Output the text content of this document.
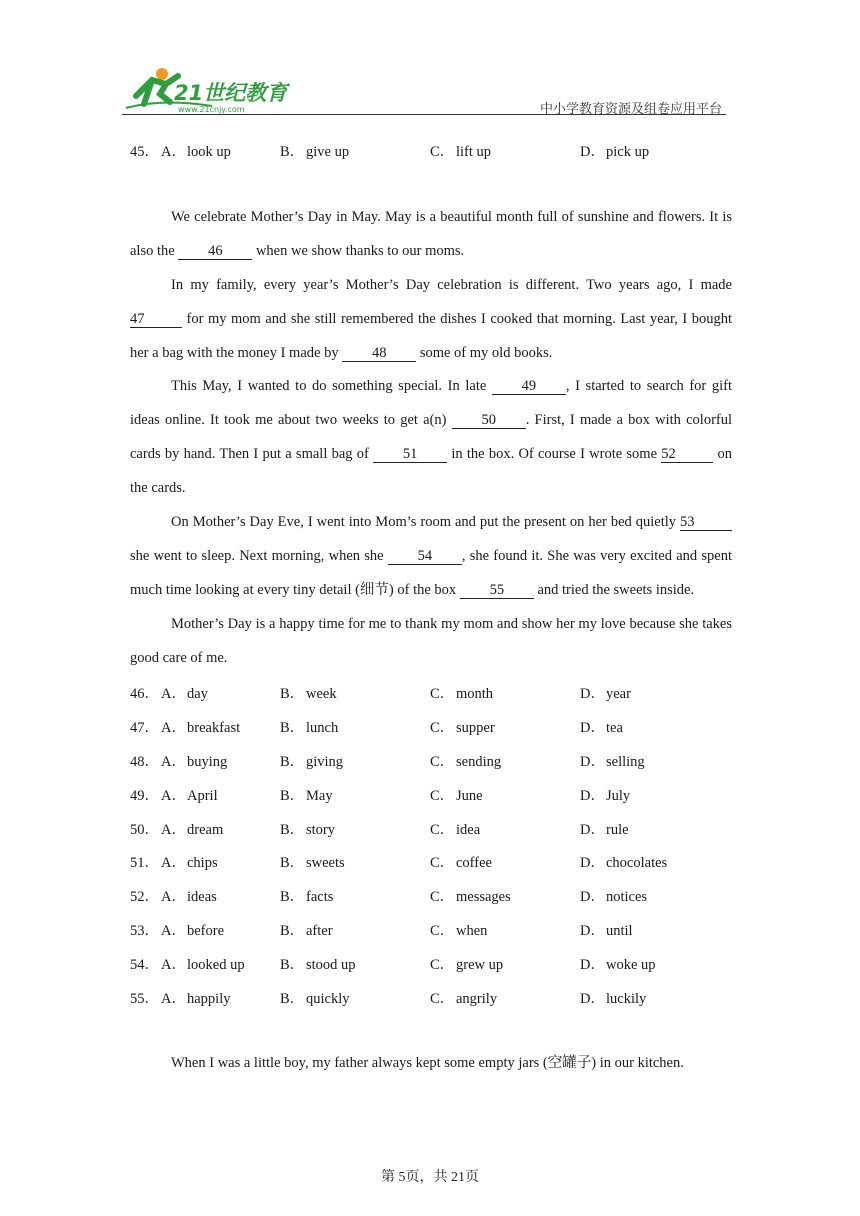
21世纪教育
www.21cnjy.com	中小学教育资源及组卷应用平台
45． A．look up	B． give up	C． lift up	D．pick up

We celebrate Mother’s Day in May. May is a beautiful month full of sunshine and flowers. It is also the 46 when we show thanks to our moms.

In my family, every year’s Mother’s Day celebration is different. Two years ago, I made 47	for my mom and she still remembered the dishes I cooked that morning. Last year, I bought her a bag with the money I made by 48 some of my old books.

This May, I wanted to do something special. In late 49 , I started to search for gift ideas online. It took me about two weeks to get a(n) 50 . First, I made a box with colorful cards by hand. Then I put a small bag of 51 in the box. Of course I wrote some 52	on the cards.

On Mother’s Day Eve, I went into Mom’s room and put the present on her bed quietly 53 she went to sleep. Next morning, when she 54 , she found it. She was very excited and spent much time looking at every tiny detail (细节) of the box 55 and tried the sweets inside.

Mother’s Day is a happy time for me to thank my mom and show her my love because she takes good care of me.

46． A．day	B． week	C． month	D．year
47． A．breakfast	B． lunch	C． supper	D．tea
48． A．buying	B． giving	C． sending	D．selling
49． A．April	B． May	C． June	D．July
50． A．dream	B． story	C． idea	D．rule
51． A．chips	B． sweets	C． coffee	D．chocolates
52． A．ideas	B． facts	C． messages	D．notices
53． A．before	B． after	C． when	D．until
54． A．looked up	B． stood up	C． grew up	D．woke up
55． A．happily	B． quickly	C． angrily	D．luckily

When I was a little boy, my father always kept some empty jars (空罐子) in our kitchen.

第 5页，共 21页
